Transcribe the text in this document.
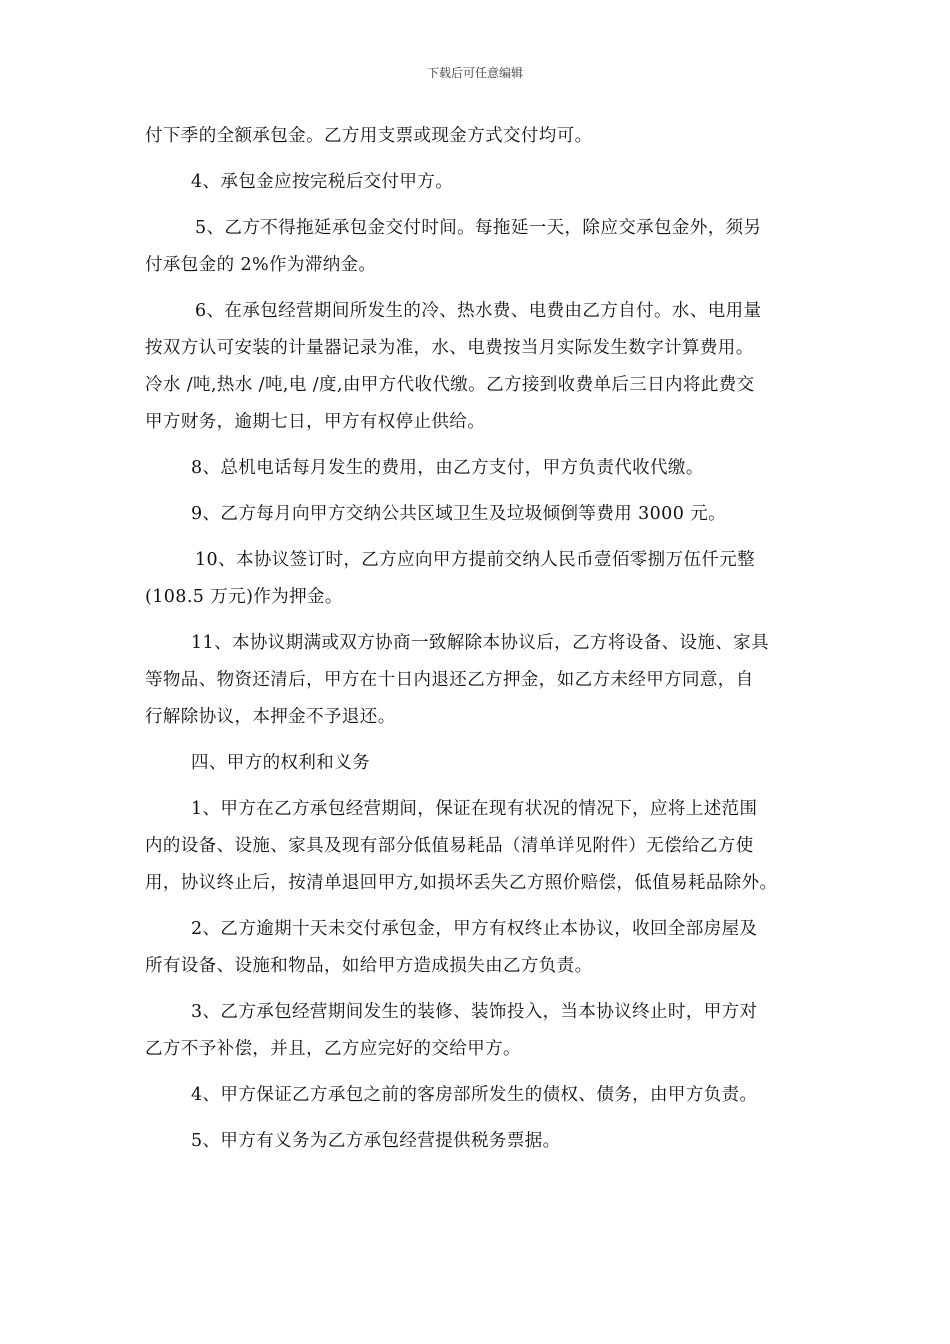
下载后可任意编辑

付下季的全额承包金。乙方用支票或现金方式交付均可。

4、承包金应按完税后交付甲方。

5、乙方不得拖延承包金交付时间。每拖延一天，除应交承包金外，须另
付承包金的 2%作为滞纳金。

6、在承包经营期间所发生的冷、热水费、电费由乙方自付。水、电用量
按双方认可安装的计量器记录为准，水、电费按当月实际发生数字计算费用。
冷水 /吨,热水 /吨,电 /度,由甲方代收代缴。乙方接到收费单后三日内将此费交
甲方财务，逾期七日，甲方有权停止供给。

8、总机电话每月发生的费用，由乙方支付，甲方负责代收代缴。

9、乙方每月向甲方交纳公共区域卫生及垃圾倾倒等费用 3000 元。

10、本协议签订时，乙方应向甲方提前交纳人民币壹佰零捌万伍仟元整
(108.5 万元)作为押金。

11、本协议期满或双方协商一致解除本协议后，乙方将设备、设施、家具
等物品、物资还清后，甲方在十日内退还乙方押金，如乙方未经甲方同意，自
行解除协议，本押金不予退还。

四、甲方的权利和义务

1、甲方在乙方承包经营期间，保证在现有状况的情况下，应将上述范围
内的设备、设施、家具及现有部分低值易耗品（清单详见附件）无偿给乙方使
用，协议终止后，按清单退回甲方,如损坏丢失乙方照价赔偿，低值易耗品除外。

2、乙方逾期十天未交付承包金，甲方有权终止本协议，收回全部房屋及
所有设备、设施和物品，如给甲方造成损失由乙方负责。

3、乙方承包经营期间发生的装修、装饰投入，当本协议终止时，甲方对
乙方不予补偿，并且，乙方应完好的交给甲方。

4、甲方保证乙方承包之前的客房部所发生的债权、债务，由甲方负责。

5、甲方有义务为乙方承包经营提供税务票据。
